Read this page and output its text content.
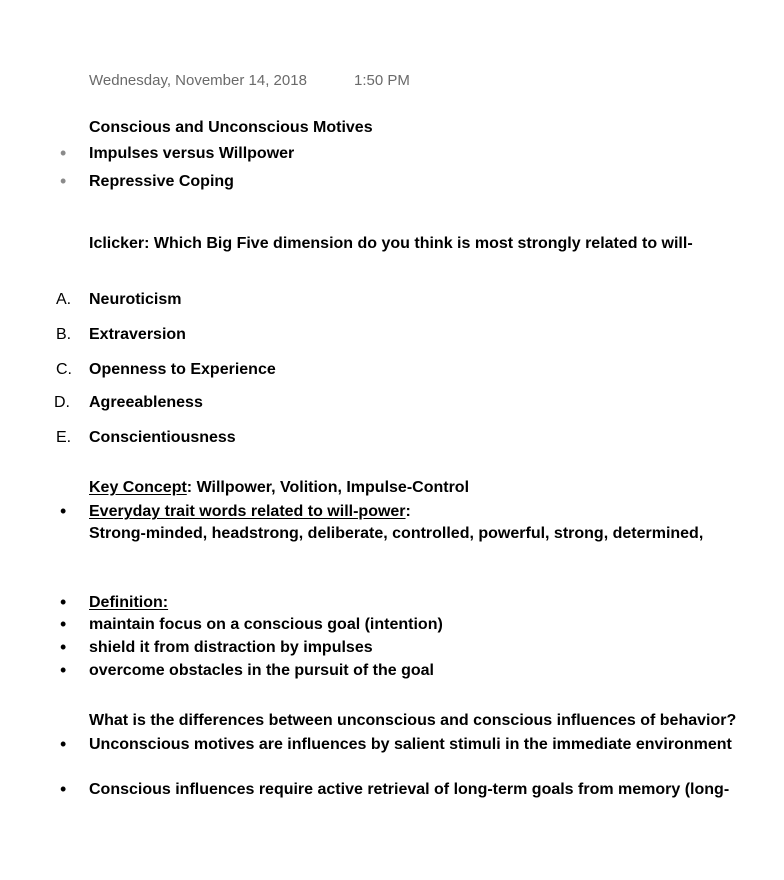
Wednesday, November 14, 2018	1:50 PM
Conscious and Unconscious Motives
• Impulses versus Willpower
• Repressive Coping
Iclicker: Which Big Five dimension do you think is most strongly related to will-
A. Neuroticism
B. Extraversion
C. Openness to Experience
D. Agreeableness
E. Conscientiousness
Key Concept: Willpower, Volition, Impulse-Control
• Everyday trait words related to will-power:
Strong-minded, headstrong, deliberate, controlled, powerful, strong, determined,
• Definition:
• maintain focus on a conscious goal (intention)
• shield it from distraction by impulses
• overcome obstacles in the pursuit of the goal
What is the differences between unconscious and conscious influences of behavior?
• Unconscious motives are influences by salient stimuli in the immediate environment
• Conscious influences require active retrieval of long-term goals from memory (long-
